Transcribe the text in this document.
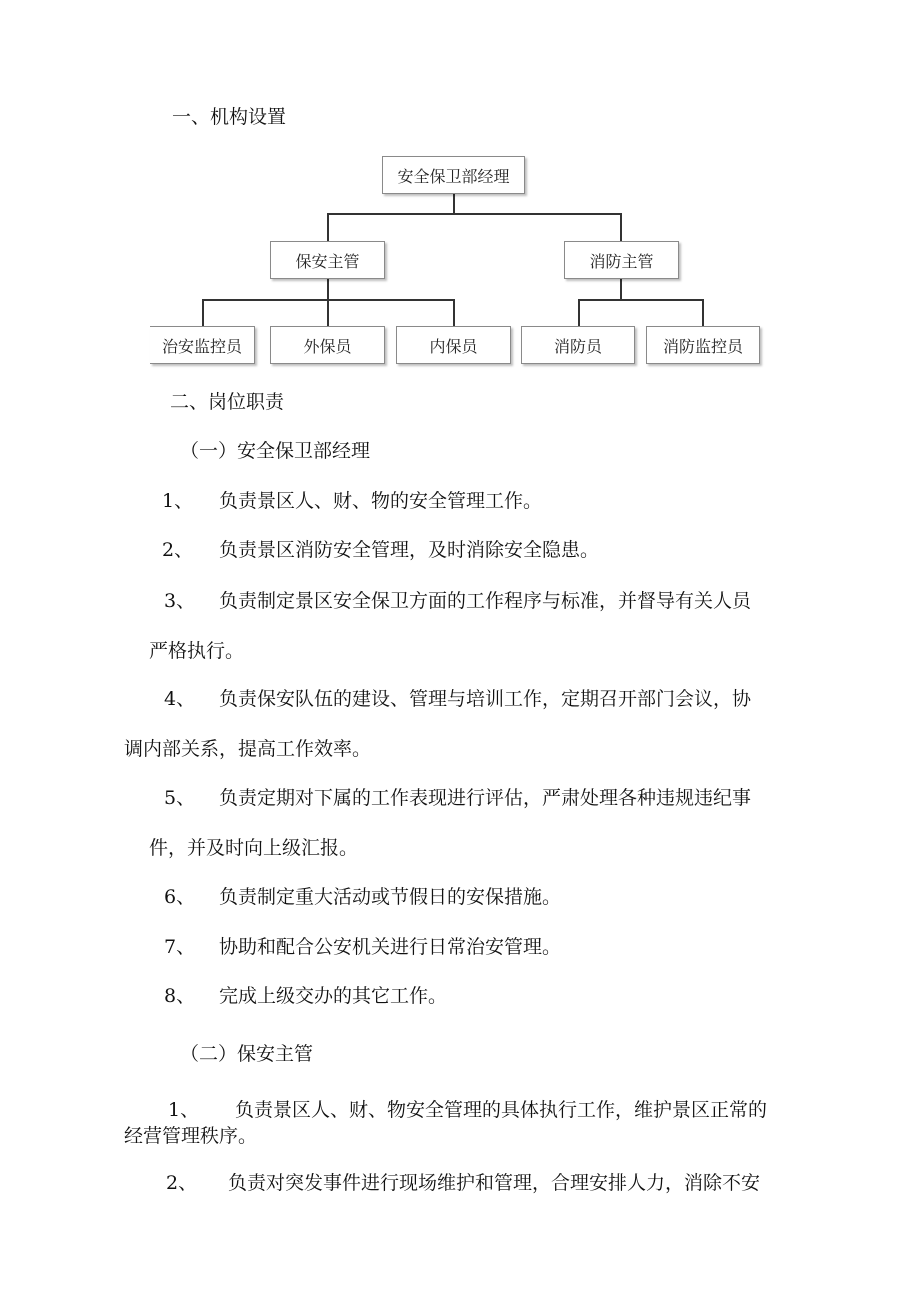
一、机构设置
安全保卫部经理
保安主管	消防主管
治安监控员	外保员	内保员	消防员	消防监控员
二、岗位职责
（一）安全保卫部经理
1、 负责景区人、财、物的安全管理工作。
2、 负责景区消防安全管理，及时消除安全隐患。
3、 负责制定景区安全保卫方面的工作程序与标准，并督导有关人员
严格执行。
4、 负责保安队伍的建设、管理与培训工作，定期召开部门会议，协
调内部关系，提高工作效率。
5、 负责定期对下属的工作表现进行评估，严肃处理各种违规违纪事
件，并及时向上级汇报。
6、 负责制定重大活动或节假日的安保措施。
7、 协助和配合公安机关进行日常治安管理。
8、 完成上级交办的其它工作。
（二）保安主管
1、 负责景区人、财、物安全管理的具体执行工作，维护景区正常的
经营管理秩序。
2、 负责对突发事件进行现场维护和管理，合理安排人力，消除不安
